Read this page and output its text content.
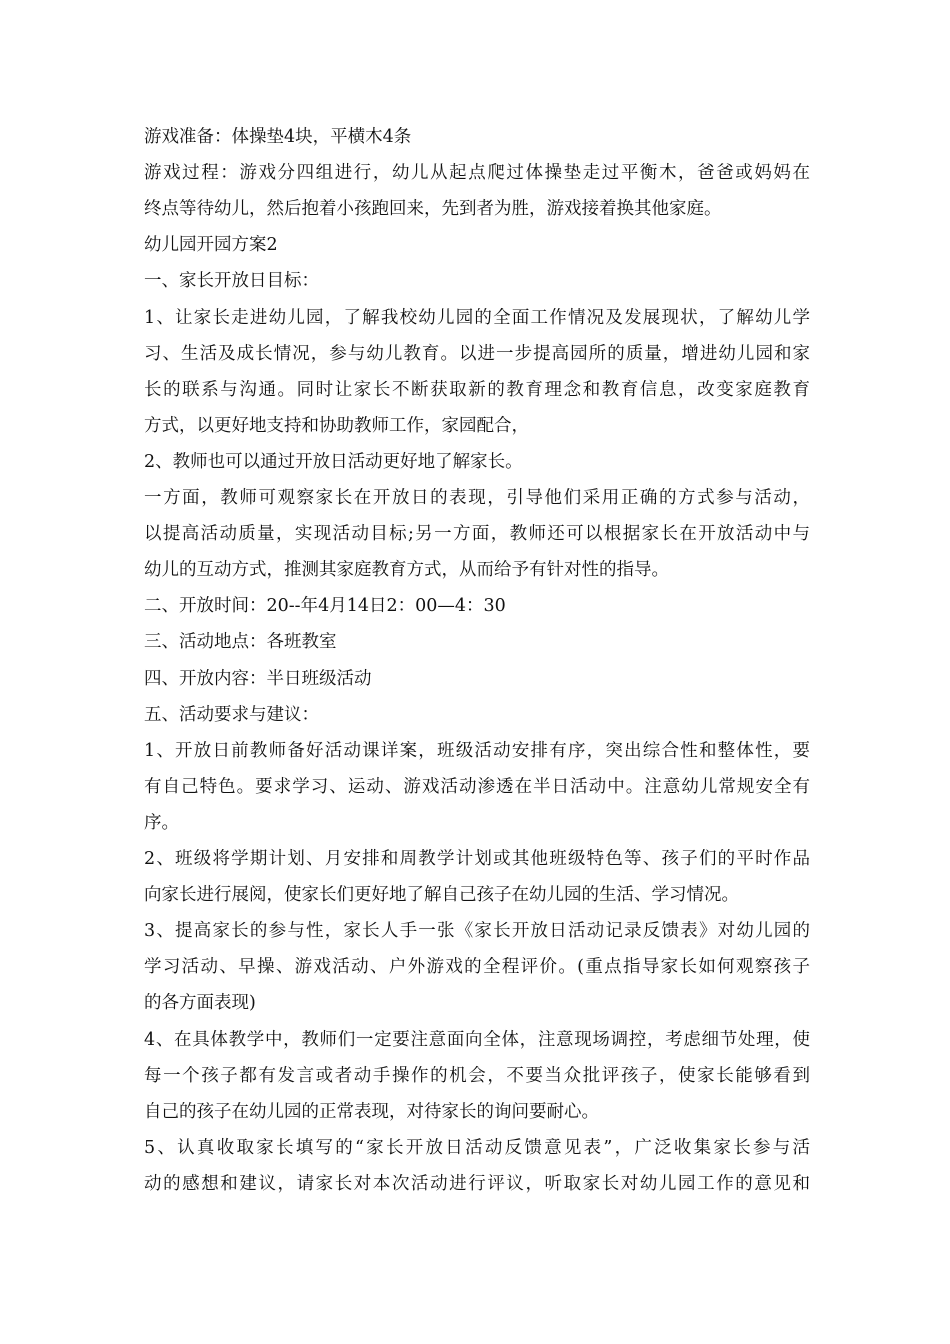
游戏准备：体操垫4块，平横木4条
游戏过程：游戏分四组进行，幼儿从起点爬过体操垫走过平衡木，爸爸或妈妈在
终点等待幼儿，然后抱着小孩跑回来，先到者为胜，游戏接着换其他家庭。
幼儿园开园方案2
一、家长开放日目标：
1、让家长走进幼儿园，了解我校幼儿园的全面工作情况及发展现状，了解幼儿学
习、生活及成长情况，参与幼儿教育。以进一步提高园所的质量，增进幼儿园和家
长的联系与沟通。同时让家长不断获取新的教育理念和教育信息，改变家庭教育
方式，以更好地支持和协助教师工作，家园配合，
2、教师也可以通过开放日活动更好地了解家长。
一方面，教师可观察家长在开放日的表现，引导他们采用正确的方式参与活动，
以提高活动质量，实现活动目标;另一方面，教师还可以根据家长在开放活动中与
幼儿的互动方式，推测其家庭教育方式，从而给予有针对性的指导。
二、开放时间：20--年4月14日2：00—4：30
三、活动地点：各班教室
四、开放内容：半日班级活动
五、活动要求与建议：
1、开放日前教师备好活动课详案，班级活动安排有序，突出综合性和整体性，要
有自己特色。要求学习、运动、游戏活动渗透在半日活动中。注意幼儿常规安全有
序。
2、班级将学期计划、月安排和周教学计划或其他班级特色等、孩子们的平时作品
向家长进行展阅，使家长们更好地了解自己孩子在幼儿园的生活、学习情况。
3、提高家长的参与性，家长人手一张《家长开放日活动记录反馈表》对幼儿园的
学习活动、早操、游戏活动、户外游戏的全程评价。(重点指导家长如何观察孩子
的各方面表现)
4、在具体教学中，教师们一定要注意面向全体，注意现场调控，考虑细节处理，使
每一个孩子都有发言或者动手操作的机会，不要当众批评孩子，使家长能够看到
自己的孩子在幼儿园的正常表现，对待家长的询问要耐心。
5、认真收取家长填写的“家长开放日活动反馈意见表”，广泛收集家长参与活
动的感想和建议，请家长对本次活动进行评议，听取家长对幼儿园工作的意见和
